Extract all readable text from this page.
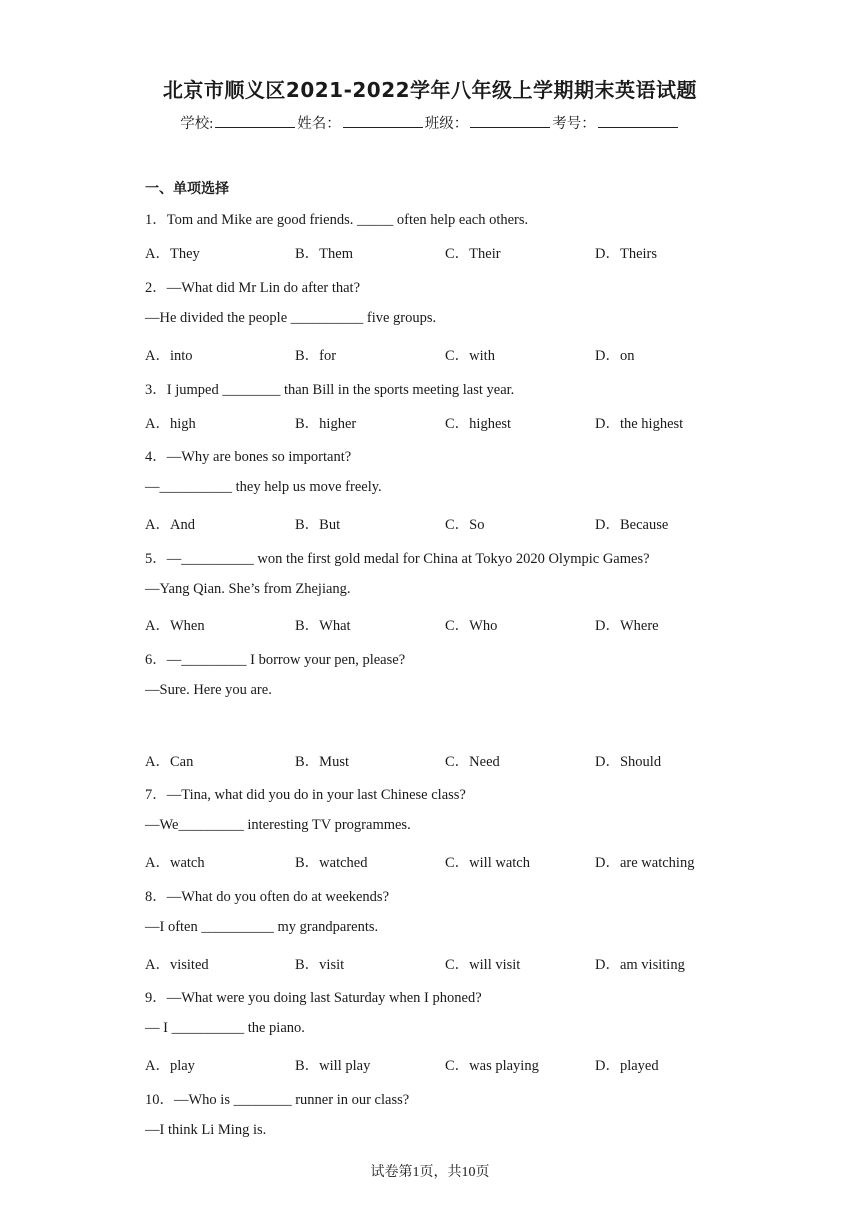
北京市顺义区2021-2022学年八年级上学期期末英语试题
学校:	姓名：	班级：	考号：
一、单项选择
1．Tom and Mike are good friends. _____ often help each others.
A．They	B．Them	C．Their	D．Theirs
2．—What did Mr Lin do after that?
—He divided the people __________ five groups.
A．into	B．for	C．with	D．on
3．I jumped ________ than Bill in the sports meeting last year.
A．high	B．higher	C．highest	D．the highest
4．—Why are bones so important?
—__________ they help us move freely.
A．And	B．But	C．So	D．Because
5．—__________ won the first gold medal for China at Tokyo 2020 Olympic Games?
—Yang Qian. She’s from Zhejiang.
A．When	B．What	C．Who	D．Where
6．—_________ I borrow your pen, please?
—Sure. Here you are.
A．Can	B．Must	C．Need	D．Should
7．—Tina, what did you do in your last Chinese class?
—We_________ interesting TV programmes.
A．watch	B．watched	C．will watch	D．are watching
8．—What do you often do at weekends?
—I often __________ my grandparents.
A．visited	B．visit	C．will visit	D．am visiting
9．—What were you doing last Saturday when I phoned?
— I __________ the piano.
A．play	B．will play	C．was playing	D．played
10．—Who is ________ runner in our class?
—I think Li Ming is.
试卷第1页，共10页
